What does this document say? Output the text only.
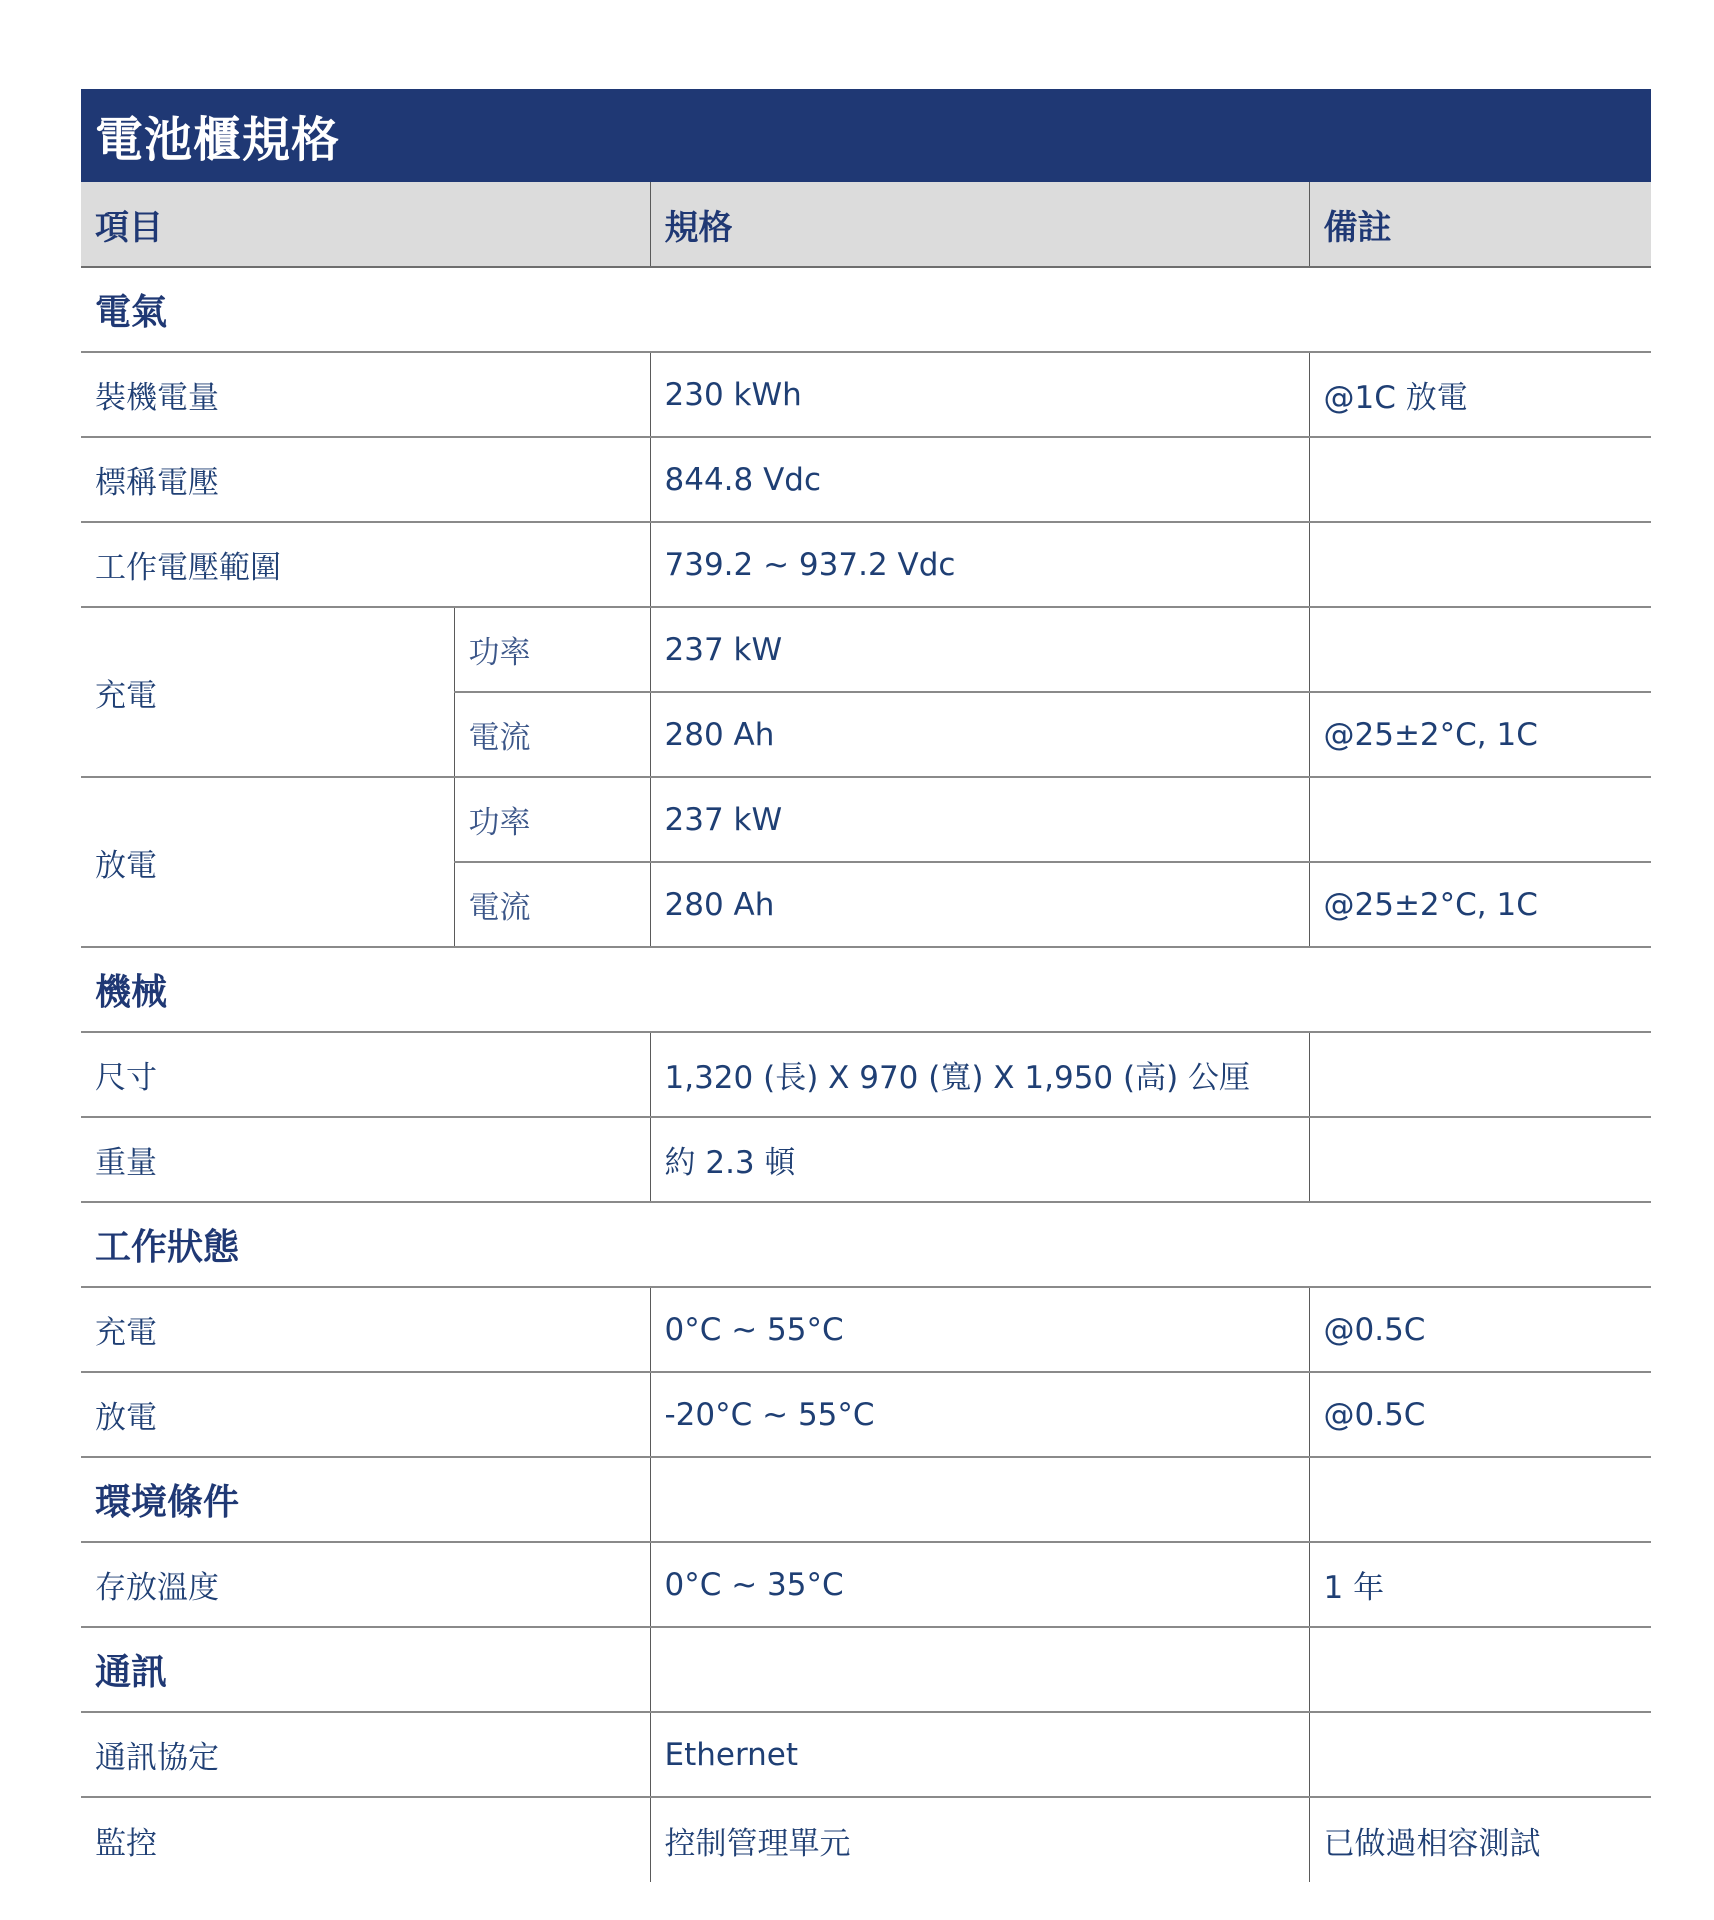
電池櫃規格
項目		規格	備註
電氣			
裝機電量		230 kWh	@1C 放電
標稱電壓		844.8 Vdc	
工作電壓範圍		739.2 ~ 937.2 Vdc	
充電	功率	237 kW	
	電流	280 Ah	@25±2°C, 1C
放電	功率	237 kW	
	電流	280 Ah	@25±2°C, 1C
機械			
尺寸		1,320 (長) X 970 (寬) X 1,950 (高) 公厘	
重量		約 2.3 頓	
工作狀態			
充電		0°C ~ 55°C	@0.5C
放電		-20°C ~ 55°C	@0.5C
環境條件			
存放溫度		0°C ~ 35°C	1 年
通訊			
通訊協定		Ethernet	
監控		控制管理單元	已做過相容測試
